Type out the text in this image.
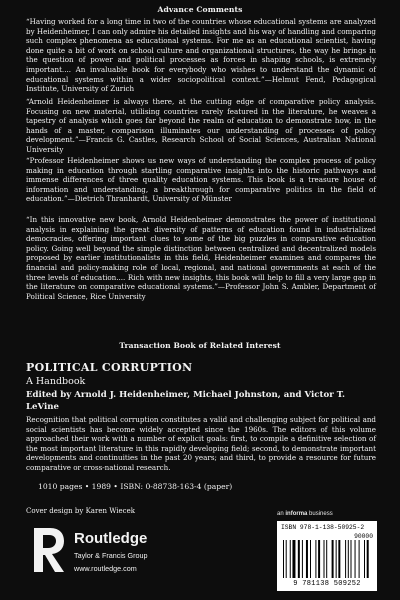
Advance Comments
“Having worked for a long time in two of the countries whose educational systems are analyzed by Heidenheimer, I can only admire his detailed insights and his way of handling and comparing such complex phenomena as educational systems. For me as an educational scientist, having done quite a bit of work on school culture and organizational structures, the way he brings in the question of power and political processes as forces in shaping schools, is extremely important.... An invaluable book for everybody who wishes to understand the dynamic of educational systems within a wider sociopolitical context.”—Helmut Fend, Pedagogical Institute, University of Zurich
“Arnold Heidenheimer is always there, at the cutting edge of comparative policy analysis. Focusing on new material, utilising countries rarely featured in the literature, he weaves a tapestry of analysis which goes far beyond the realm of education to demonstrate how, in the hands of a master, comparison illuminates our understanding of processes of policy development.”—Francis G. Castles, Research School of Social Sciences, Australian National University
“Professor Heidenheimer shows us new ways of understanding the complex process of policy making in education through startling comparative insights into the historic pathways and immense differences of three quality education systems. This book is a treasure house of information and understanding, a breakthrough for comparative politics in the field of education.”—Dietrich Thranhardt, University of Münster
“In this innovative new book, Arnold Heidenheimer demonstrates the power of institutional analysis in explaining the great diversity of patterns of education found in industrialized democracies, offering important clues to some of the big puzzles in comparative education policy. Going well beyond the simple distinction between centralized and decentralized models proposed by earlier institutionalists in this field, Heidenheimer examines and compares the financial and policy-making role of local, regional, and national governments at each of the three levels of education.... Rich with new insights, this book will help to fill a very large gap in the literature on comparative educational systems.”—Professor John S. Ambler, Department of Political Science, Rice University
Transaction Book of Related Interest
POLITICAL CORRUPTION
A Handbook
Edited by Arnold J. Heidenheimer, Michael Johnston, and Victor T. LeVine
Recognition that political corruption constitutes a valid and challenging subject for political and social scientists has become widely accepted since the 1960s. The editors of this volume approached their work with a number of explicit goals: first, to compile a definitive selection of the most important literature in this rapidly developing field; second, to demonstrate important developments and continuities in the past 20 years; and third, to provide a resource for future comparative or cross-national research.
1010 pages • 1989 • ISBN: 0-88738-163-4 (paper)
Cover design by Karen Wiecek
Routledge
Taylor & Francis Group
www.routledge.com
an informa business
ISBN 978-1-138-50925-2
90000
9 781138 509252
